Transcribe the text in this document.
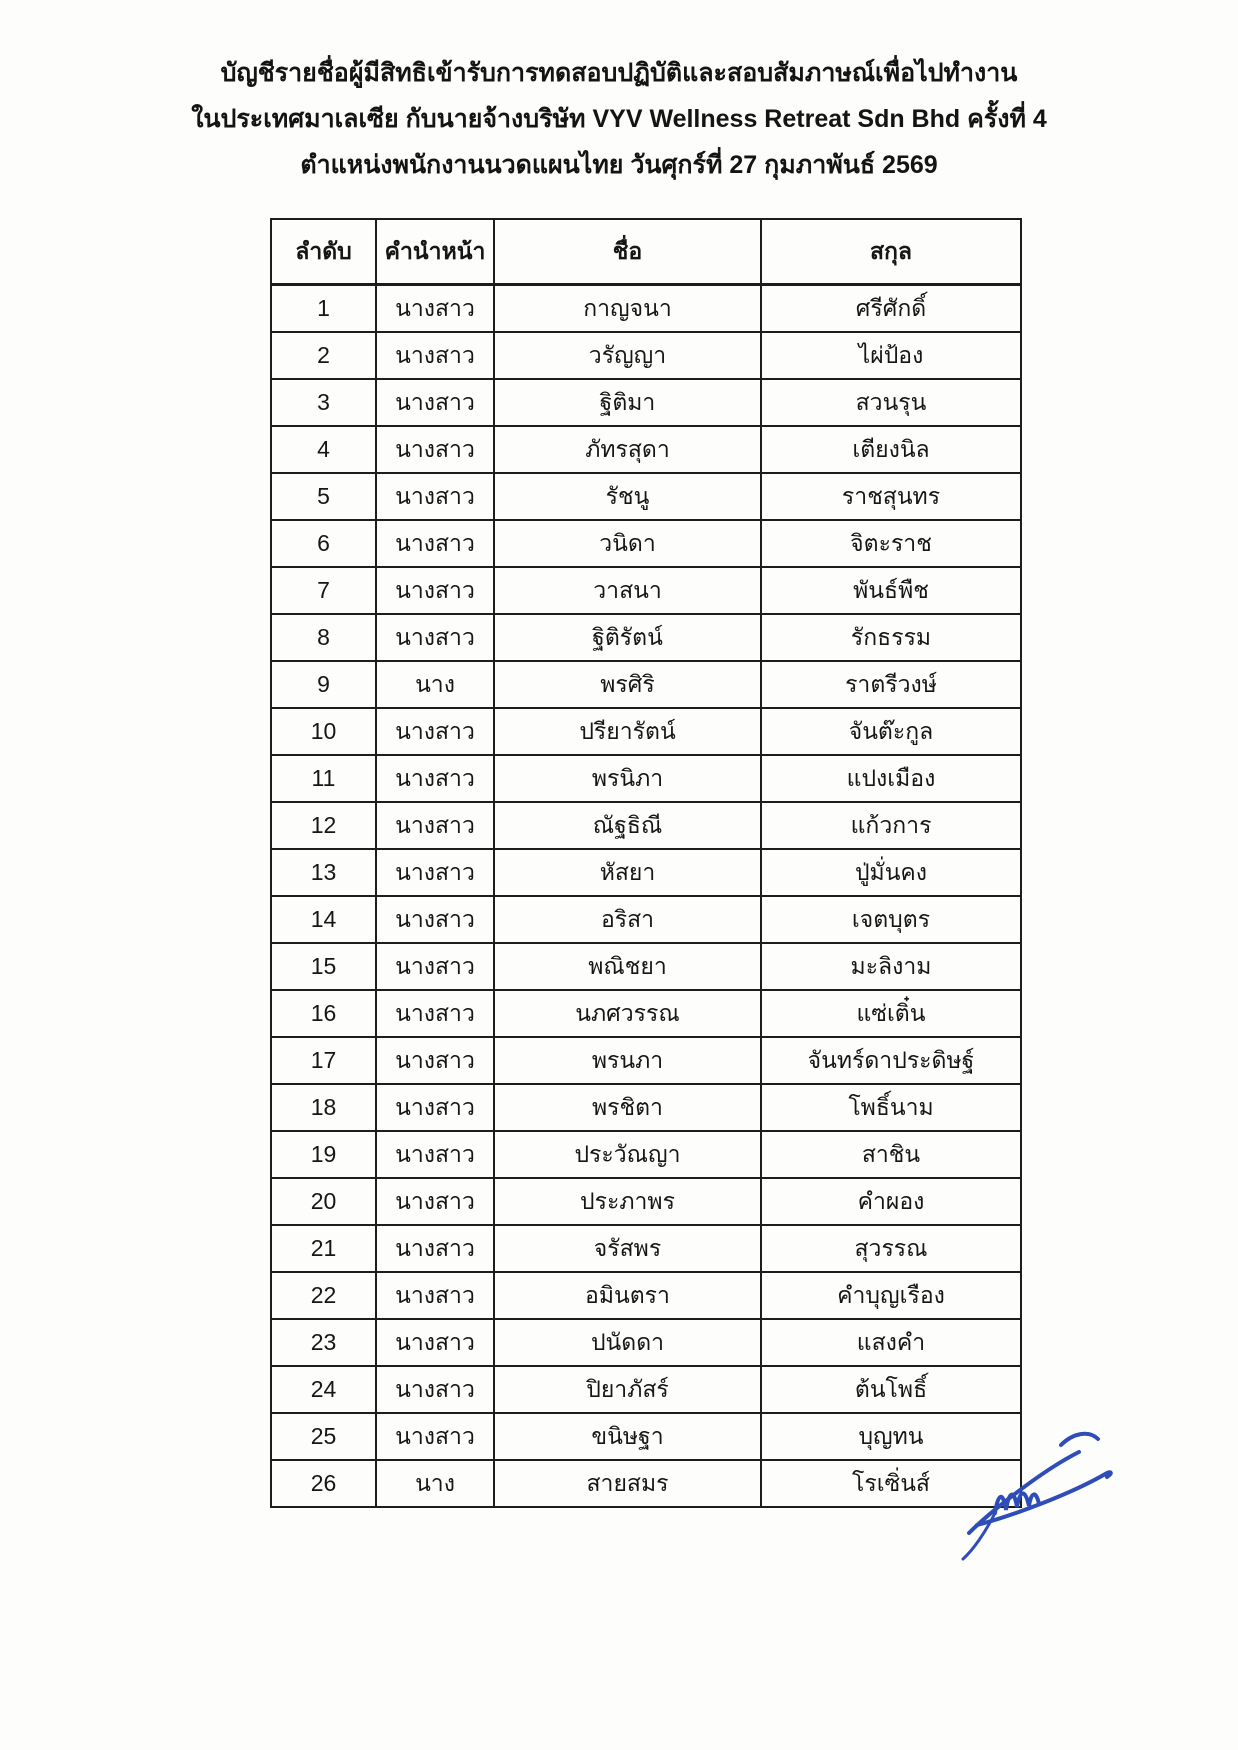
บัญชีรายชื่อผู้มีสิทธิเข้ารับการทดสอบปฏิบัติและสอบสัมภาษณ์เพื่อไปทำงาน
ในประเทศมาเลเซีย กับนายจ้างบริษัท VYV Wellness Retreat Sdn Bhd ครั้งที่ 4
ตำแหน่งพนักงานนวดแผนไทย วันศุกร์ที่ 27 กุมภาพันธ์ 2569
ลำดับ	คำนำหน้า	ชื่อ	สกุล
1	นางสาว	กาญจนา	ศรีศักดิ์
2	นางสาว	วรัญญา	ไผ่ป้อง
3	นางสาว	ฐิติมา	สวนรุน
4	นางสาว	ภัทรสุดา	เตียงนิล
5	นางสาว	รัชนู	ราชสุนทร
6	นางสาว	วนิดา	จิตะราช
7	นางสาว	วาสนา	พันธ์พืช
8	นางสาว	ฐิติรัตน์	รักธรรม
9	นาง	พรศิริ	ราตรีวงษ์
10	นางสาว	ปรียารัตน์	จันต๊ะกูล
11	นางสาว	พรนิภา	แปงเมือง
12	นางสาว	ณัฐธิณี	แก้วการ
13	นางสาว	หัสยา	ปู่มั่นคง
14	นางสาว	อริสา	เจตบุตร
15	นางสาว	พณิชยา	มะลิงาม
16	นางสาว	นภศวรรณ	แซ่เติ๋น
17	นางสาว	พรนภา	จันทร์ดาประดิษฐ์
18	นางสาว	พรชิตา	โพธิ์นาม
19	นางสาว	ประวัณญา	สาชิน
20	นางสาว	ประภาพร	คำผอง
21	นางสาว	จรัสพร	สุวรรณ
22	นางสาว	อมินตรา	คำบุญเรือง
23	นางสาว	ปนัดดา	แสงคำ
24	นางสาว	ปิยาภัสร์	ต้นโพธิ์
25	นางสาว	ขนิษฐา	บุญทน
26	นาง	สายสมร	โรเซิ่นส์
